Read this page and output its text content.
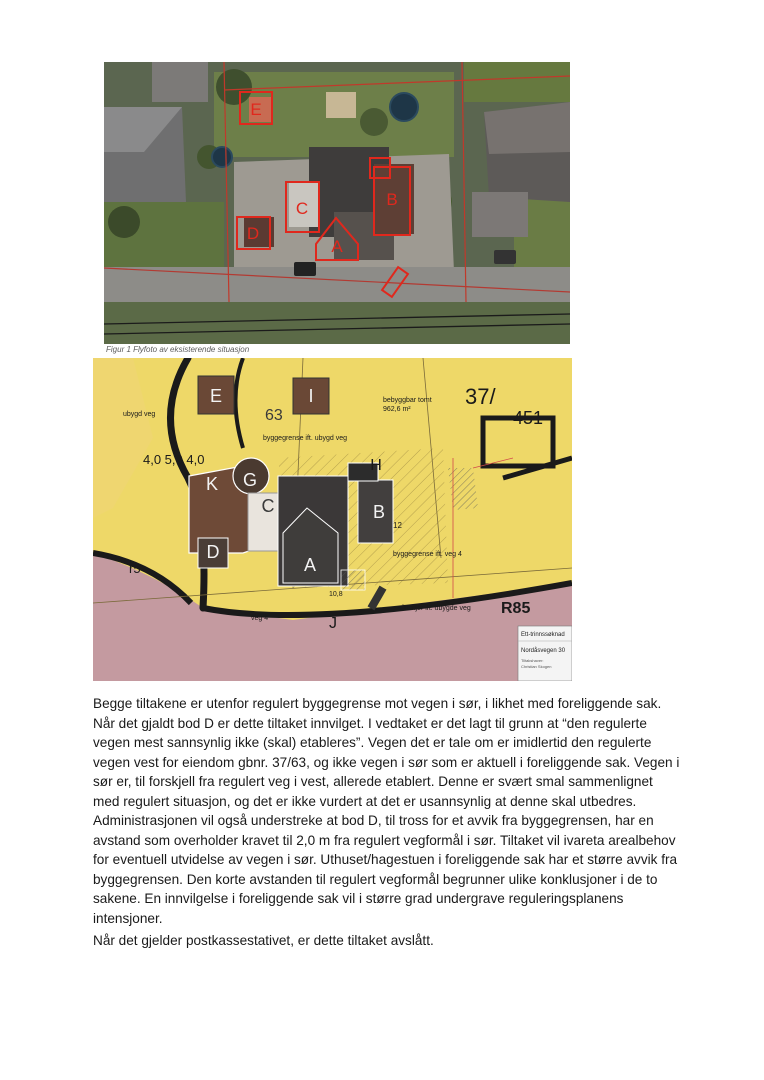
E
C
D
B
A
Figur 1 Flyfoto av eksisterende situasjon
E	I
K G
C
H
B
A
D
J
ubygd veg	63
bebyggbar tomt
962,6 m²
byggegrense ift. ubygd veg
byggegrense ift. veg 4
37/
451
4,0 5,0 4,0
siktlinjer ift. ubygde veg
veg 4
R85
r5
10,8
12
Ett-trinnssøknad
Nordåsvegen 30
Tiltakshaver:
Christian Skogen

Begge tiltakene er utenfor regulert byggegrense mot vegen i sør, i likhet med foreliggende sak. Når det gjaldt bod D er dette tiltaket innvilget. I vedtaket er det lagt til grunn at “den regulerte vegen mest sannsynlig ikke (skal) etableres”. Vegen det er tale om er imidlertid den regulerte vegen vest for eiendom gbnr. 37/63, og ikke vegen i sør som er aktuell i foreliggende sak. Vegen i sør er, til forskjell fra regulert veg i vest, allerede etablert. Denne er svært smal sammenlignet med regulert situasjon, og det er ikke vurdert at det er usannsynlig at denne skal utbedres. Administrasjonen vil også understreke at bod D, til tross for et avvik fra byggegrensen, har en avstand som overholder kravet til 2,0 m fra regulert vegformål i sør. Tiltaket vil ivareta arealbehov for eventuell utvidelse av vegen i sør. Uthuset/hagestuen i foreliggende sak har et større avvik fra byggegrensen. Den korte avstanden til regulert vegformål begrunner ulike konklusjoner i de to sakene. En innvilgelse i foreliggende sak vil i større grad undergrave reguleringsplanens intensjoner.

Når det gjelder postkassestativet, er dette tiltaket avslått.
